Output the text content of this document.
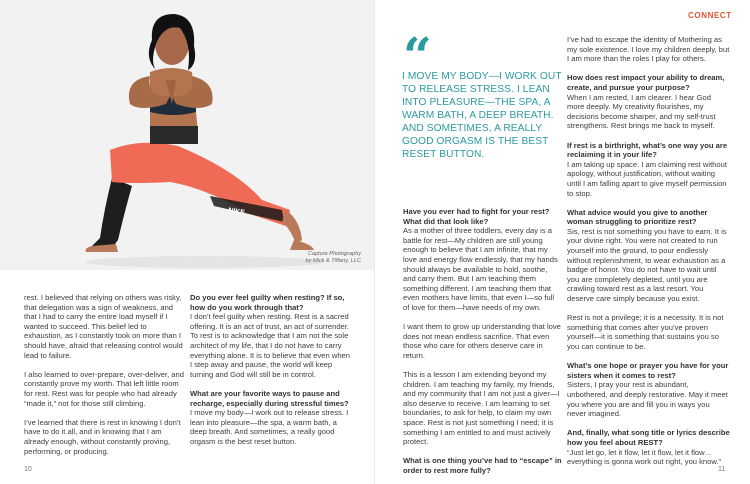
NIKE
Capture Photography
by Mick & Tiffany, LLC

rest. I believed that relying on others was risky, that delegation was a sign of weakness, and that I had to carry the entire load myself if I wanted to succeed. This belief led to exhaustion, as I constantly took on more than I should have, afraid that releasing control would lead to failure.

I also learned to over-prepare, over-deliver, and constantly prove my worth. That left little room for rest. Rest was for people who had already “made it,” not for those still climbing.

I’ve learned that there is rest in knowing I don’t have to do it all, and in knowing that I am already enough, without constantly proving, performing, or producing.

Do you ever feel guilty when resting? If so, how do you work through that?
I don’t feel guilty when resting. Rest is a sacred offering. It is an act of trust, an act of surrender. To rest is to acknowledge that I am not the sole architect of my life, that I do not have to carry everything alone. It is to believe that even when I step away and pause, the world will keep turning and God will still be in control.
What are your favorite ways to pause and recharge, especially during stressful times?
I move my body—I work out to release stress. I lean into pleasure—the spa, a warm bath, a deep breath. And sometimes, a really good orgasm is the best reset button.
10
CONNECT
“
I MOVE MY BODY—I WORK OUT TO RELEASE STRESS. I LEAN INTO PLEASURE—THE SPA, A WARM BATH, A DEEP BREATH. AND SOMETIMES, A REALLY GOOD ORGASM IS THE BEST RESET BUTTON.
Have you ever had to fight for your rest? What did that look like?
As a mother of three toddlers, every day is a battle for rest—My children are still young enough to believe that I am infinite, that my love and energy flow endlessly, that my hands should always be available to hold, soothe, and carry them. But I am teaching them something different. I am teaching them that even mothers have limits, that even I—so full of love for them—have needs of my own.
I want them to grow up understanding that love does not mean endless sacrifice. That even those who care for others deserve care in return.
This is a lesson I am extending beyond my children. I am teaching my family, my friends, and my community that I am not just a giver—I also deserve to receive. I am learning to set boundaries, to ask for help, to claim my own space. Rest is not just something I need; it is something I am entitled to and must actively protect.
What is one thing you’ve had to “escape” in order to rest more fully?
I’ve had to escape the identity of Mothering as my sole existence. I love my children deeply, but I am more than the roles I play for others.
How does rest impact your ability to dream, create, and pursue your purpose?
When I am rested, I am clearer. I hear God more deeply. My creativity flourishes, my decisions become sharper, and my self-trust strengthens. Rest brings me back to myself.
If rest is a birthright, what’s one way you are reclaiming it in your life?
I am taking up space. I am claiming rest without apology, without justification, without waiting until I am falling apart to give myself permission to stop.
What advice would you give to another woman struggling to prioritize rest?
Sis, rest is not something you have to earn. It is your divine right. You were not created to run yourself into the ground, to pour endlessly without replenishment, to wear exhaustion as a badge of honor. You do not have to wait until you are completely depleted, until you are crawling toward rest as a last resort. You deserve care simply because you exist.
Rest is not a privilege; it is a necessity. It is not something that comes after you’ve proven yourself—it is something that sustains you so you can continue to be.
What’s one hope or prayer you have for your sisters when it comes to rest?
Sisters, I pray your rest is abundant, unbothered, and deeply restorative. May it meet you where you are and fill you in ways you never imagined.
And, finally, what song title or lyrics describe how you feel about REST?
“Just let go, let it flow, let it flow, let it flow… everything is gonna work out right, you know.”
11
